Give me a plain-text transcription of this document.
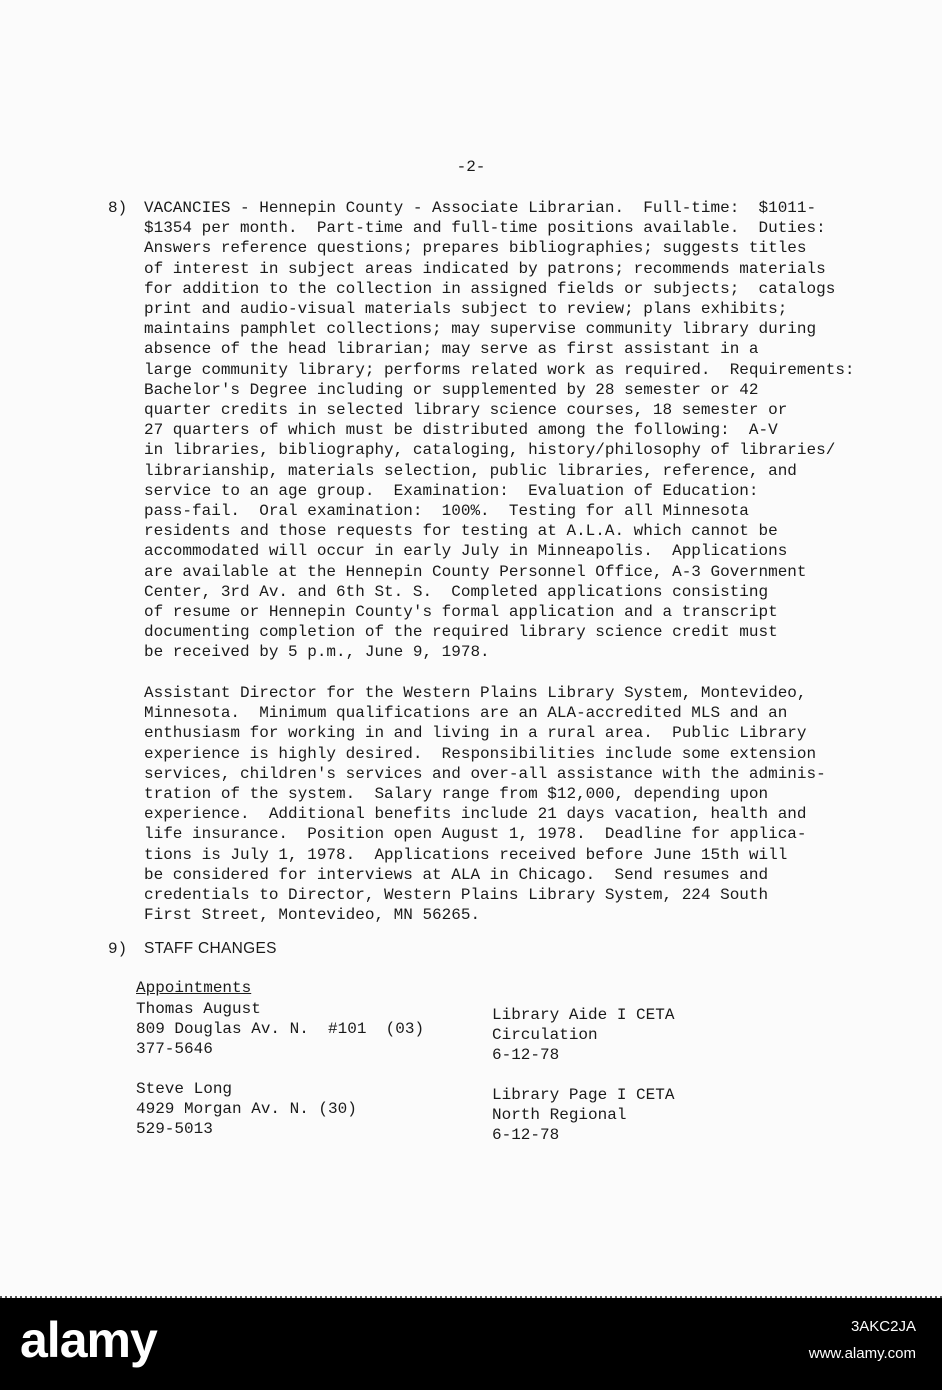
-2-
8) VACANCIES - Hennepin County - Associate Librarian.  Full-time:  $1011-
$1354 per month.  Part-time and full-time positions available.  Duties:
Answers reference questions; prepares bibliographies; suggests titles
of interest in subject areas indicated by patrons; recommends materials
for addition to the collection in assigned fields or subjects;  catalogs
print and audio-visual materials subject to review; plans exhibits;
maintains pamphlet collections; may supervise community library during
absence of the head librarian; may serve as first assistant in a
large community library; performs related work as required.  Requirements:
Bachelor's Degree including or supplemented by 28 semester or 42
quarter credits in selected library science courses, 18 semester or
27 quarters of which must be distributed among the following:  A-V
in libraries, bibliography, cataloging, history/philosophy of libraries/
librarianship, materials selection, public libraries, reference, and
service to an age group.  Examination:  Evaluation of Education:
pass-fail.  Oral examination:  100%.  Testing for all Minnesota
residents and those requests for testing at A.L.A. which cannot be
accommodated will occur in early July in Minneapolis.  Applications
are available at the Hennepin County Personnel Office, A-3 Government
Center, 3rd Av. and 6th St. S.  Completed applications consisting
of resume or Hennepin County's formal application and a transcript
documenting completion of the required library science credit must
be received by 5 p.m., June 9, 1978.
Assistant Director for the Western Plains Library System, Montevideo,
Minnesota.  Minimum qualifications are an ALA-accredited MLS and an
enthusiasm for working in and living in a rural area.  Public Library
experience is highly desired.  Responsibilities include some extension
services, children's services and over-all assistance with the adminis-
tration of the system.  Salary range from $12,000, depending upon
experience.  Additional benefits include 21 days vacation, health and
life insurance.  Position open August 1, 1978.  Deadline for applica-
tions is July 1, 1978.  Applications received before June 15th will
be considered for interviews at ALA in Chicago.  Send resumes and
credentials to Director, Western Plains Library System, 224 South
First Street, Montevideo, MN 56265.
9) STAFF CHANGES
Appointments
Thomas August
809 Douglas Av. N.  #101  (03)
377-5646
Library Aide I CETA
Circulation
6-12-78
Steve Long
4929 Morgan Av. N. (30)
529-5013
Library Page I CETA
North Regional
6-12-78
alamy	3AKC2JA
www.alamy.com
